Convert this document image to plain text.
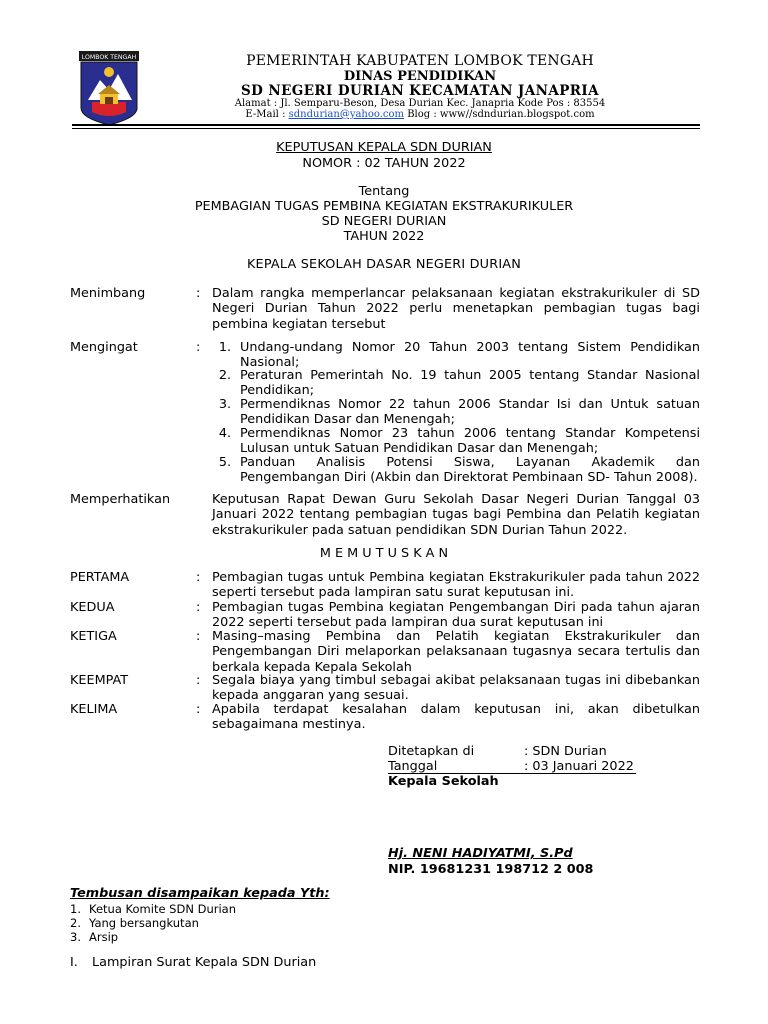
LOMBOK TENGAH	PEMERINTAH KABUPATEN LOMBOK TENGAH
DINAS PENDIDIKAN
SD NEGERI DURIAN KECAMATAN JANAPRIA
Alamat : Jl. Semparu-Beson, Desa Durian Kec. Janapria Kode Pos : 83554
E-Mail : sdndurian@yahoo.com Blog : www//sdndurian.blogspot.com
KEPUTUSAN KEPALA SDN DURIAN
NOMOR : 02 TAHUN 2022
Tentang
PEMBAGIAN TUGAS PEMBINA KEGIATAN EKSTRAKURIKULER
SD NEGERI DURIAN
TAHUN 2022
KEPALA SEKOLAH DASAR NEGERI DURIAN
Menimbang	: Dalam rangka memperlancar pelaksanaan kegiatan ekstrakurikuler di SD Negeri Durian Tahun 2022 perlu menetapkan pembagian tugas bagi pembina kegiatan tersebut
Mengingat	:	1. Undang-undang Nomor 20 Tahun 2003 tentang Sistem Pendidikan Nasional;
2. Peraturan Pemerintah No. 19 tahun 2005 tentang Standar Nasional Pendidikan;
3. Permendiknas Nomor 22 tahun 2006 Standar Isi dan Untuk satuan Pendidikan Dasar dan Menengah;
4. Permendiknas Nomor 23 tahun 2006 tentang Standar Kompetensi Lulusan untuk Satuan Pendidikan Dasar dan Menengah;
5. Panduan Analisis Potensi Siswa, Layanan Akademik dan Pengembangan Diri (Akbin dan Direktorat Pembinaan SD- Tahun 2008).
Memperhatikan	Keputusan Rapat Dewan Guru Sekolah Dasar Negeri Durian Tanggal 03 Januari 2022 tentang pembagian tugas bagi Pembina dan Pelatih kegiatan ekstrakurikuler pada satuan pendidikan SDN Durian Tahun 2022.
M E M U T U S K A N
PERTAMA	: Pembagian tugas untuk Pembina kegiatan Ekstrakurikuler pada tahun 2022 seperti tersebut pada lampiran satu surat keputusan ini.
KEDUA	: Pembagian tugas Pembina kegiatan Pengembangan Diri pada tahun ajaran 2022 seperti tersebut pada lampiran dua surat keputusan ini
KETIGA	: Masing–masing Pembina dan Pelatih kegiatan Ekstrakurikuler dan Pengembangan Diri melaporkan pelaksanaan tugasnya secara tertulis dan berkala kepada Kepala Sekolah
KEEMPAT	: Segala biaya yang timbul sebagai akibat pelaksanaan tugas ini dibebankan kepada anggaran yang sesuai.
KELIMA	: Apabila terdapat kesalahan dalam keputusan ini, akan dibetulkan sebagaimana mestinya.
Ditetapkan di	: SDN Durian
Tanggal	: 03 Januari 2022
Kepala Sekolah
Hj. NENI HADIYATMI, S.Pd
NIP. 19681231 198712 2 008
Tembusan disampaikan kepada Yth:
1. Ketua Komite SDN Durian
2. Yang bersangkutan
3. Arsip
I. Lampiran Surat Kepala SDN Durian
